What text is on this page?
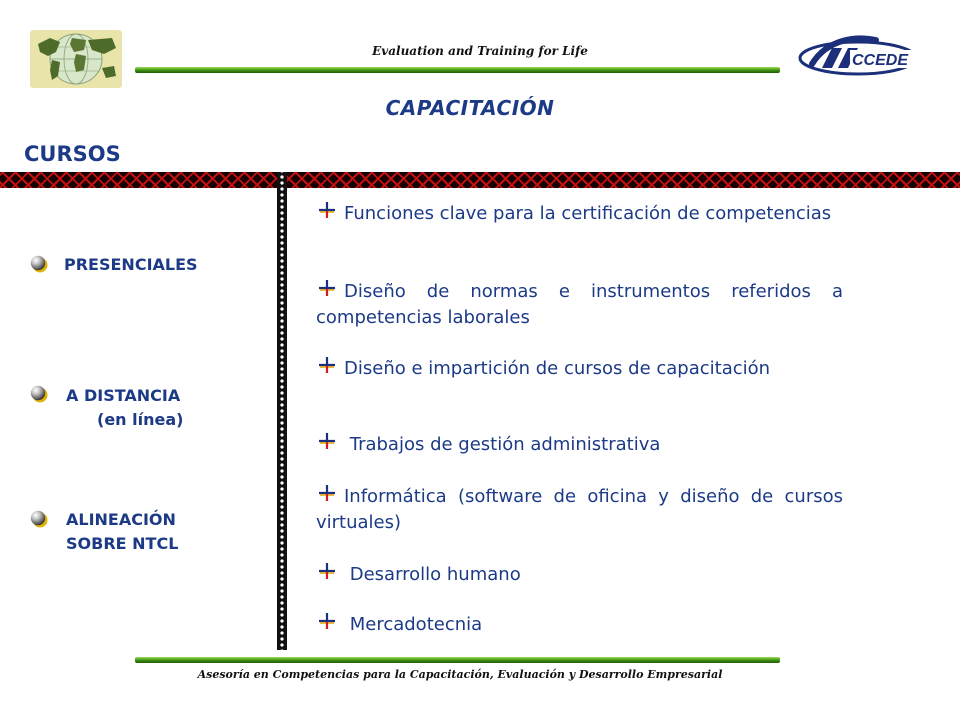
Evaluation and Training for Life
CCEDE
CAPACITACIÓN
CURSOS
PRESENCIALES
A DISTANCIA
(en línea)
ALINEACIÓN
SOBRE NTCL
Funciones clave para la certificación de competencias
Diseño de normas e instrumentos referidos a competencias laborales
Diseño e impartición de cursos de capacitación
Trabajos de gestión administrativa
Informática (software de oficina y diseño de cursos virtuales)
Desarrollo humano
Mercadotecnia
Asesoría en Competencias para la Capacitación, Evaluación y Desarrollo Empresarial
